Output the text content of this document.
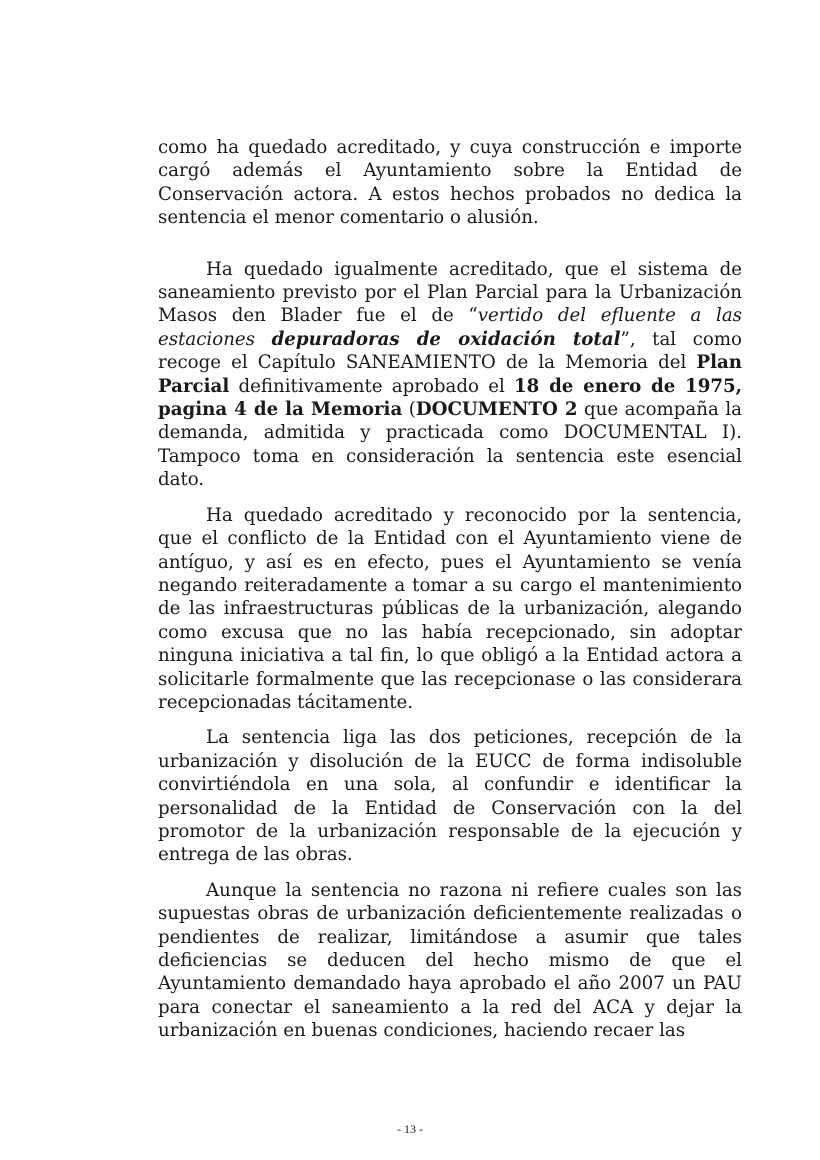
como ha quedado acreditado, y cuya construcción e importe cargó además el Ayuntamiento sobre la Entidad de Conservación actora. A estos hechos probados no dedica la sentencia el menor comentario o alusión.

Ha quedado igualmente acreditado, que el sistema de saneamiento previsto por el Plan Parcial para la Urbanización Masos den Blader fue el de “vertido del efluente a las estaciones depuradoras de oxidación total”, tal como recoge el Capítulo SANEAMIENTO de la Memoria del Plan Parcial definitivamente aprobado el 18 de enero de 1975, pagina 4 de la Memoria (DOCUMENTO 2 que acompaña la demanda, admitida y practicada como DOCUMENTAL I). Tampoco toma en consideración la sentencia este esencial dato.

Ha quedado acreditado y reconocido por la sentencia, que el conflicto de la Entidad con el Ayuntamiento viene de antíguo, y así es en efecto, pues el Ayuntamiento se venía negando reiteradamente a tomar a su cargo el mantenimiento de las infraestructuras públicas de la urbanización, alegando como excusa que no las había recepcionado, sin adoptar ninguna iniciativa a tal fin, lo que obligó a la Entidad actora a solicitarle formalmente que las recepcionase o las considerara recepcionadas tácitamente.

La sentencia liga las dos peticiones, recepción de la urbanización y disolución de la EUCC de forma indisoluble convirtiéndola en una sola, al confundir e identificar la personalidad de la Entidad de Conservación con la del promotor de la urbanización responsable de la ejecución y entrega de las obras.

Aunque la sentencia no razona ni refiere cuales son las supuestas obras de urbanización deficientemente realizadas o pendientes de realizar, limitándose a asumir que tales deficiencias se deducen del hecho mismo de que el Ayuntamiento demandado haya aprobado el año 2007 un PAU para conectar el saneamiento a la red del ACA y dejar la urbanización en buenas condiciones, haciendo recaer las

- 13 -
